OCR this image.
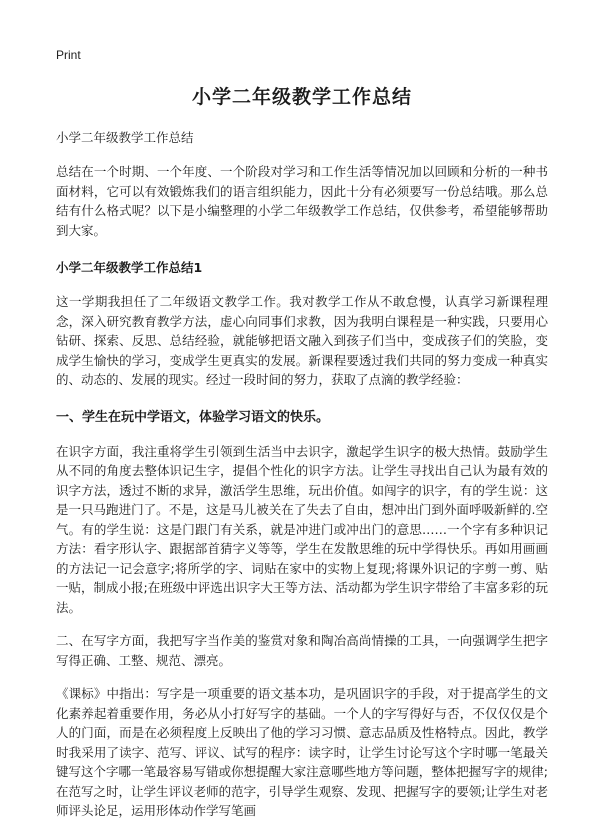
Print
小学二年级教学工作总结
小学二年级教学工作总结

总结在一个时期、一个年度、一个阶段对学习和工作生活等情况加以回顾和分析的一种书面材料，它可以有效锻炼我们的语言组织能力，因此十分有必须要写一份总结哦。那么总结有什么格式呢？以下是小编整理的小学二年级教学工作总结，仅供参考，希望能够帮助到大家。

小学二年级教学工作总结1

这一学期我担任了二年级语文教学工作。我对教学工作从不敢怠慢，认真学习新课程理念，深入研究教育教学方法，虚心向同事们求教，因为我明白课程是一种实践，只要用心钻研、探索、反思、总结经验，就能够把语文融入到孩子们当中，变成孩子们的笑脸，变成学生愉快的学习，变成学生更真实的发展。新课程要透过我们共同的努力变成一种真实的、动态的、发展的现实。经过一段时间的努力，获取了点滴的教学经验：

一、学生在玩中学语文，体验学习语文的快乐。

在识字方面，我注重将学生引领到生活当中去识字，激起学生识字的极大热情。鼓励学生从不同的角度去整体识记生字，提倡个性化的识字方法。让学生寻找出自己认为最有效的识字方法，透过不断的求异，激活学生思维，玩出价值。如闯字的识字，有的学生说：这是一只马跑进门了。不是，这是马儿被关在了失去了自由，想冲出门到外面呼吸新鲜的.空气。有的学生说：这是门跟门有关系，就是冲进门或冲出门的意思……一个字有多种识记方法：看字形认字、跟据部首猜字义等等，学生在发散思维的玩中学得快乐。再如用画画的方法记一记会意字;将所学的字、词贴在家中的实物上复现;将课外识记的字剪一剪、贴一贴，制成小报;在班级中评选出识字大王等方法、活动都为学生识字带给了丰富多彩的玩法。

二、在写字方面，我把写字当作美的鉴赏对象和陶冶高尚情操的工具，一向强调学生把字写得正确、工整、规范、漂亮。

《课标》中指出：写字是一项重要的语文基本功，是巩固识字的手段，对于提高学生的文化素养起着重要作用，务必从小打好写字的基础。一个人的字写得好与否，不仅仅仅是个人的门面，而是在必须程度上反映出了他的学习习惯、意志品质及性格特点。因此，教学时我采用了读字、范写、评议、试写的程序：读字时，让学生讨论写这个字时哪一笔最关键写这个字哪一笔最容易写错或你想提醒大家注意哪些地方等问题，整体把握写字的规律;在范写之时，让学生评议老师的范字，引导学生观察、发现、把握写字的要领;让学生对老师评头论足，运用形体动作学写笔画
